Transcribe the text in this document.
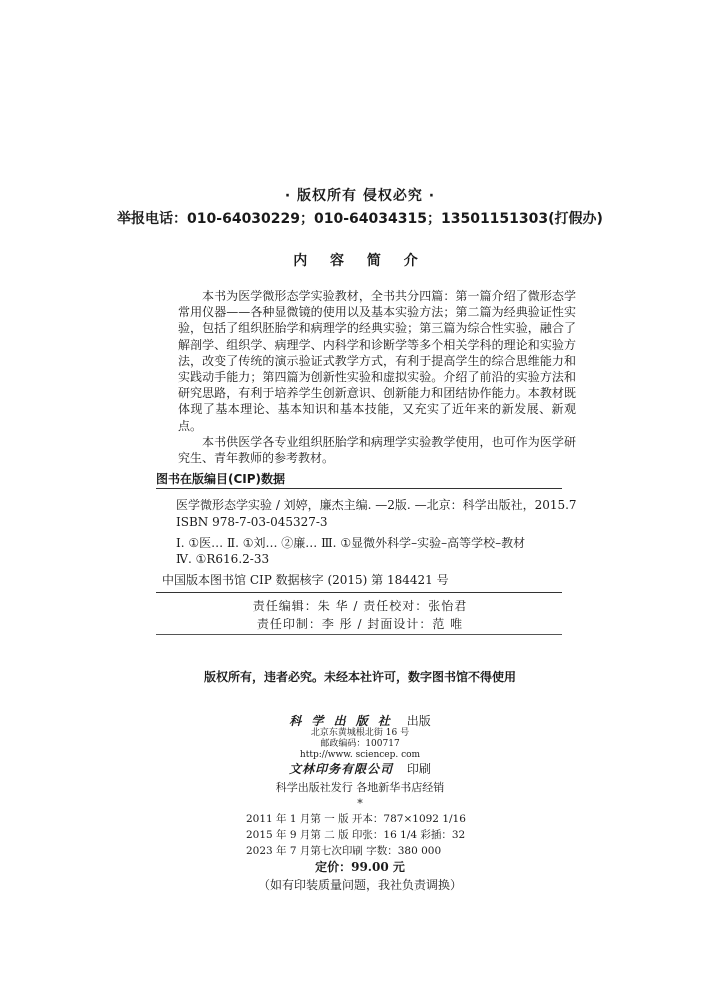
· 版权所有 侵权必究 ·
举报电话：010-64030229；010-64034315；13501151303(打假办)
内 容 简 介

本书为医学微形态学实验教材，全书共分四篇：第一篇介绍了微形态学常用仪器——各种显微镜的使用以及基本实验方法；第二篇为经典验证性实验，包括了组织胚胎学和病理学的经典实验；第三篇为综合性实验，融合了解剖学、组织学、病理学、内科学和诊断学等多个相关学科的理论和实验方法，改变了传统的演示验证式教学方式，有利于提高学生的综合思维能力和实践动手能力；第四篇为创新性实验和虚拟实验。介绍了前沿的实验方法和研究思路，有利于培养学生创新意识、创新能力和团结协作能力。本教材既体现了基本理论、基本知识和基本技能，又充实了近年来的新发展、新观点。

本书供医学各专业组织胚胎学和病理学实验教学使用，也可作为医学研究生、青年教师的参考教材。

图书在版编目(CIP)数据
医学微形态学实验 / 刘婷，廉杰主编. —2版. —北京：科学出版社，2015.7
ISBN 978-7-03-045327-3
Ⅰ. ①医… Ⅱ. ①刘… ②廉… Ⅲ. ①显微外科学–实验–高等学校–教材
Ⅳ. ①R616.2-33
中国版本图书馆 CIP 数据核字 (2015) 第 184421 号
责任编辑：朱 华 / 责任校对：张怡君
责任印制：李 彤 / 封面设计：范 唯
版权所有，违者必究。未经本社许可，数字图书馆不得使用
科 学 出 版 社 出版
北京东黄城根北街 16 号
邮政编码：100717
http://www. sciencep. com
文林印务有限公司 印刷
科学出版社发行 各地新华书店经销
*
2011 年 1 月第 一 版 开本：787×1092 1/16
2015 年 9 月第 二 版 印张：16 1/4 彩插：32
2023 年 7 月第七次印刷 字数：380 000
定价：99.00 元
（如有印装质量问题，我社负责调换）
